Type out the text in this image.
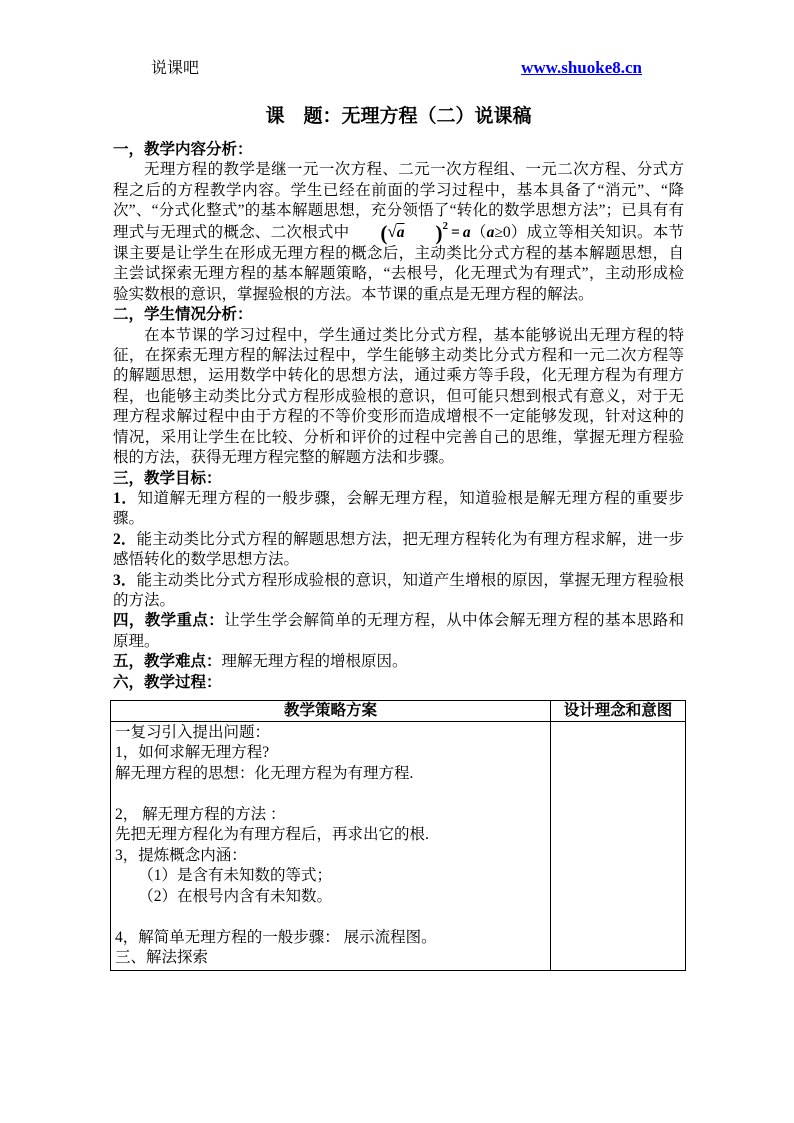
说课吧	www.shuoke8.cn
课　题：无理方程（二）说课稿

一，教学内容分析：

无理方程的教学是继一元一次方程、二元一次方程组、一元二次方程、分式方程之后的方程教学内容。学生已经在前面的学习过程中，基本具备了“消元”、“降次”、“分式化整式”的基本解题思想，充分领悟了“转化的数学思想方法”；已具有有理式与无理式的概念、二次根式中 (√a )$^2$ = a（a≥0）成立等相关知识。本节课主要是让学生在形成无理方程的概念后，主动类比分式方程的基本解题思想，自主尝试探索无理方程的基本解题策略，“去根号，化无理式为有理式”，主动形成检验实数根的意识，掌握验根的方法。本节课的重点是无理方程的解法。

二，学生情况分析：

在本节课的学习过程中，学生通过类比分式方程，基本能够说出无理方程的特征，在探索无理方程的解法过程中，学生能够主动类比分式方程和一元二次方程等的解题思想，运用数学中转化的思想方法，通过乘方等手段，化无理方程为有理方程，也能够主动类比分式方程形成验根的意识，但可能只想到根式有意义，对于无理方程求解过程中由于方程的不等价变形而造成增根不一定能够发现，针对这种的情况，采用让学生在比较、分析和评价的过程中完善自己的思维，掌握无理方程验根的方法，获得无理方程完整的解题方法和步骤。

三，教学目标：

1．知道解无理方程的一般步骤，会解无理方程，知道验根是解无理方程的重要步骤。

2．能主动类比分式方程的解题思想方法，把无理方程转化为有理方程求解，进一步感悟转化的数学思想方法。

3．能主动类比分式方程形成验根的意识，知道产生增根的原因，掌握无理方程验根的方法。

四，教学重点：让学生学会解简单的无理方程，从中体会解无理方程的基本思路和原理。

五，教学难点：理解无理方程的增根原因。

六，教学过程：

教学策略方案	设计理念和意图

一复习引入提出问题：
1，如何求解无理方程?
解无理方程的思想：化无理方程为有理方程.
2， 解无理方程的方法 ：
先把无理方程化为有理方程后，再求出它的根.
3，提炼概念内涵：
　　（1）是含有未知数的等式；
　　（2）在根号内含有未知数。
4，解简单无理方程的一般步骤： 展示流程图。
三、解法探索
